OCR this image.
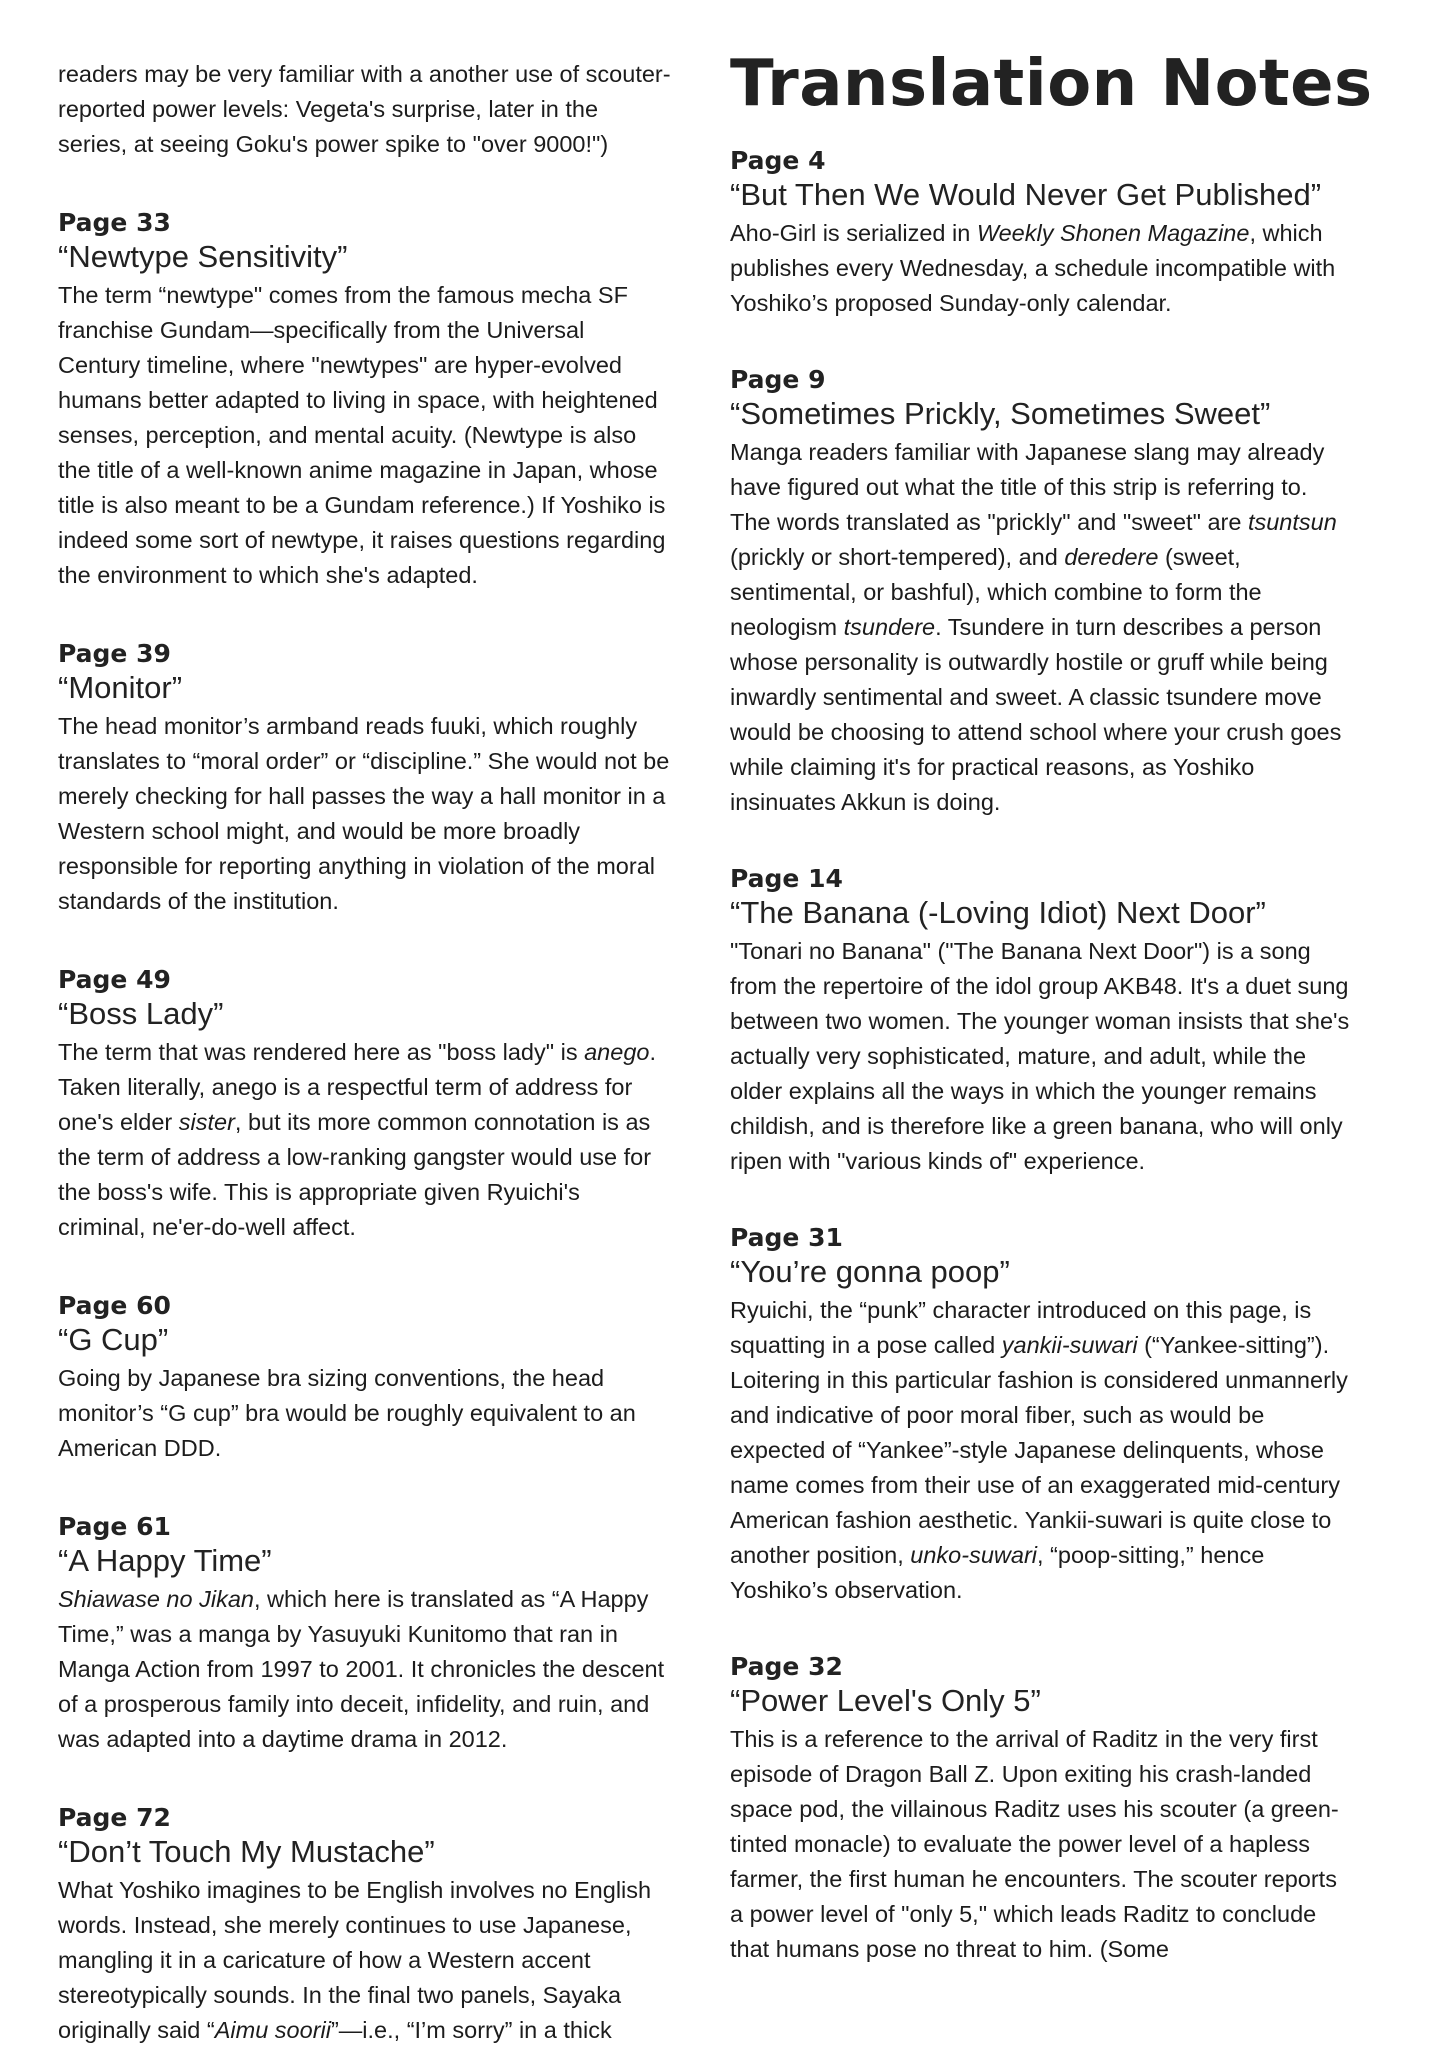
readers may be very familiar with a another use of scouter-reported power levels: Vegeta's surprise, later in the series, at seeing Goku's power spike to "over 9000!")

Page 33

“Newtype Sensitivity”

The term “newtype" comes from the famous mecha SF franchise Gundam—specifically from the Universal Century timeline, where "newtypes" are hyper-evolved humans better adapted to living in space, with heightened senses, perception, and mental acuity. (Newtype is also the title of a well-known anime magazine in Japan, whose title is also meant to be a Gundam reference.) If Yoshiko is indeed some sort of newtype, it raises questions regarding the environment to which she's adapted.

Page 39

“Monitor”

The head monitor’s armband reads fuuki, which roughly translates to “moral order” or “discipline.” She would not be merely checking for hall passes the way a hall monitor in a Western school might, and would be more broadly responsible for reporting anything in violation of the moral standards of the institution.

Page 49

“Boss Lady”

The term that was rendered here as "boss lady" is anego. Taken literally, anego is a respectful term of address for one's elder sister, but its more common connotation is as the term of address a low-ranking gangster would use for the boss's wife. This is appropriate given Ryuichi's criminal, ne'er-do-well affect.

Page 60

“G Cup”

Going by Japanese bra sizing conventions, the head monitor’s “G cup” bra would be roughly equivalent to an American DDD.

Page 61

“A Happy Time”

Shiawase no Jikan, which here is translated as “A Happy Time,” was a manga by Yasuyuki Kunitomo that ran in Manga Action from 1997 to 2001. It chronicles the descent of a prosperous family into deceit, infidelity, and ruin, and was adapted into a daytime drama in 2012.

Page 72

“Don’t Touch My Mustache”

What Yoshiko imagines to be English involves no English words. Instead, she merely continues to use Japanese, mangling it in a caricature of how a Western accent stereotypically sounds. In the final two panels, Sayaka originally said “Aimu soorii”—i.e., “I’m sorry” in a thick

Translation Notes

Page 4

“But Then We Would Never Get Published”

Aho-Girl is serialized in Weekly Shonen Magazine, which publishes every Wednesday, a schedule incompatible with Yoshiko’s proposed Sunday-only calendar.

Page 9

“Sometimes Prickly, Sometimes Sweet”

Manga readers familiar with Japanese slang may already have figured out what the title of this strip is referring to. The words translated as "prickly" and "sweet" are tsuntsun (prickly or short-tempered), and deredere (sweet, sentimental, or bashful), which combine to form the neologism tsundere. Tsundere in turn describes a person whose personality is outwardly hostile or gruff while being inwardly sentimental and sweet. A classic tsundere move would be choosing to attend school where your crush goes while claiming it's for practical reasons, as Yoshiko insinuates Akkun is doing.

Page 14

“The Banana (-Loving Idiot) Next Door”

"Tonari no Banana" ("The Banana Next Door") is a song from the repertoire of the idol group AKB48. It's a duet sung between two women. The younger woman insists that she's actually very sophisticated, mature, and adult, while the older explains all the ways in which the younger remains childish, and is therefore like a green banana, who will only ripen with "various kinds of" experience.

Page 31

“You’re gonna poop”

Ryuichi, the “punk” character introduced on this page, is squatting in a pose called yankii-suwari (“Yankee-sitting”). Loitering in this particular fashion is considered unmannerly and indicative of poor moral fiber, such as would be expected of “Yankee”-style Japanese delinquents, whose name comes from their use of an exaggerated mid-century American fashion aesthetic. Yankii-suwari is quite close to another position, unko-suwari, “poop-sitting,” hence Yoshiko’s observation.

Page 32

“Power Level's Only 5”

This is a reference to the arrival of Raditz in the very first episode of Dragon Ball Z. Upon exiting his crash-landed space pod, the villainous Raditz uses his scouter (a green-tinted monacle) to evaluate the power level of a hapless farmer, the first human he encounters. The scouter reports a power level of "only 5," which leads Raditz to conclude that humans pose no threat to him. (Some
